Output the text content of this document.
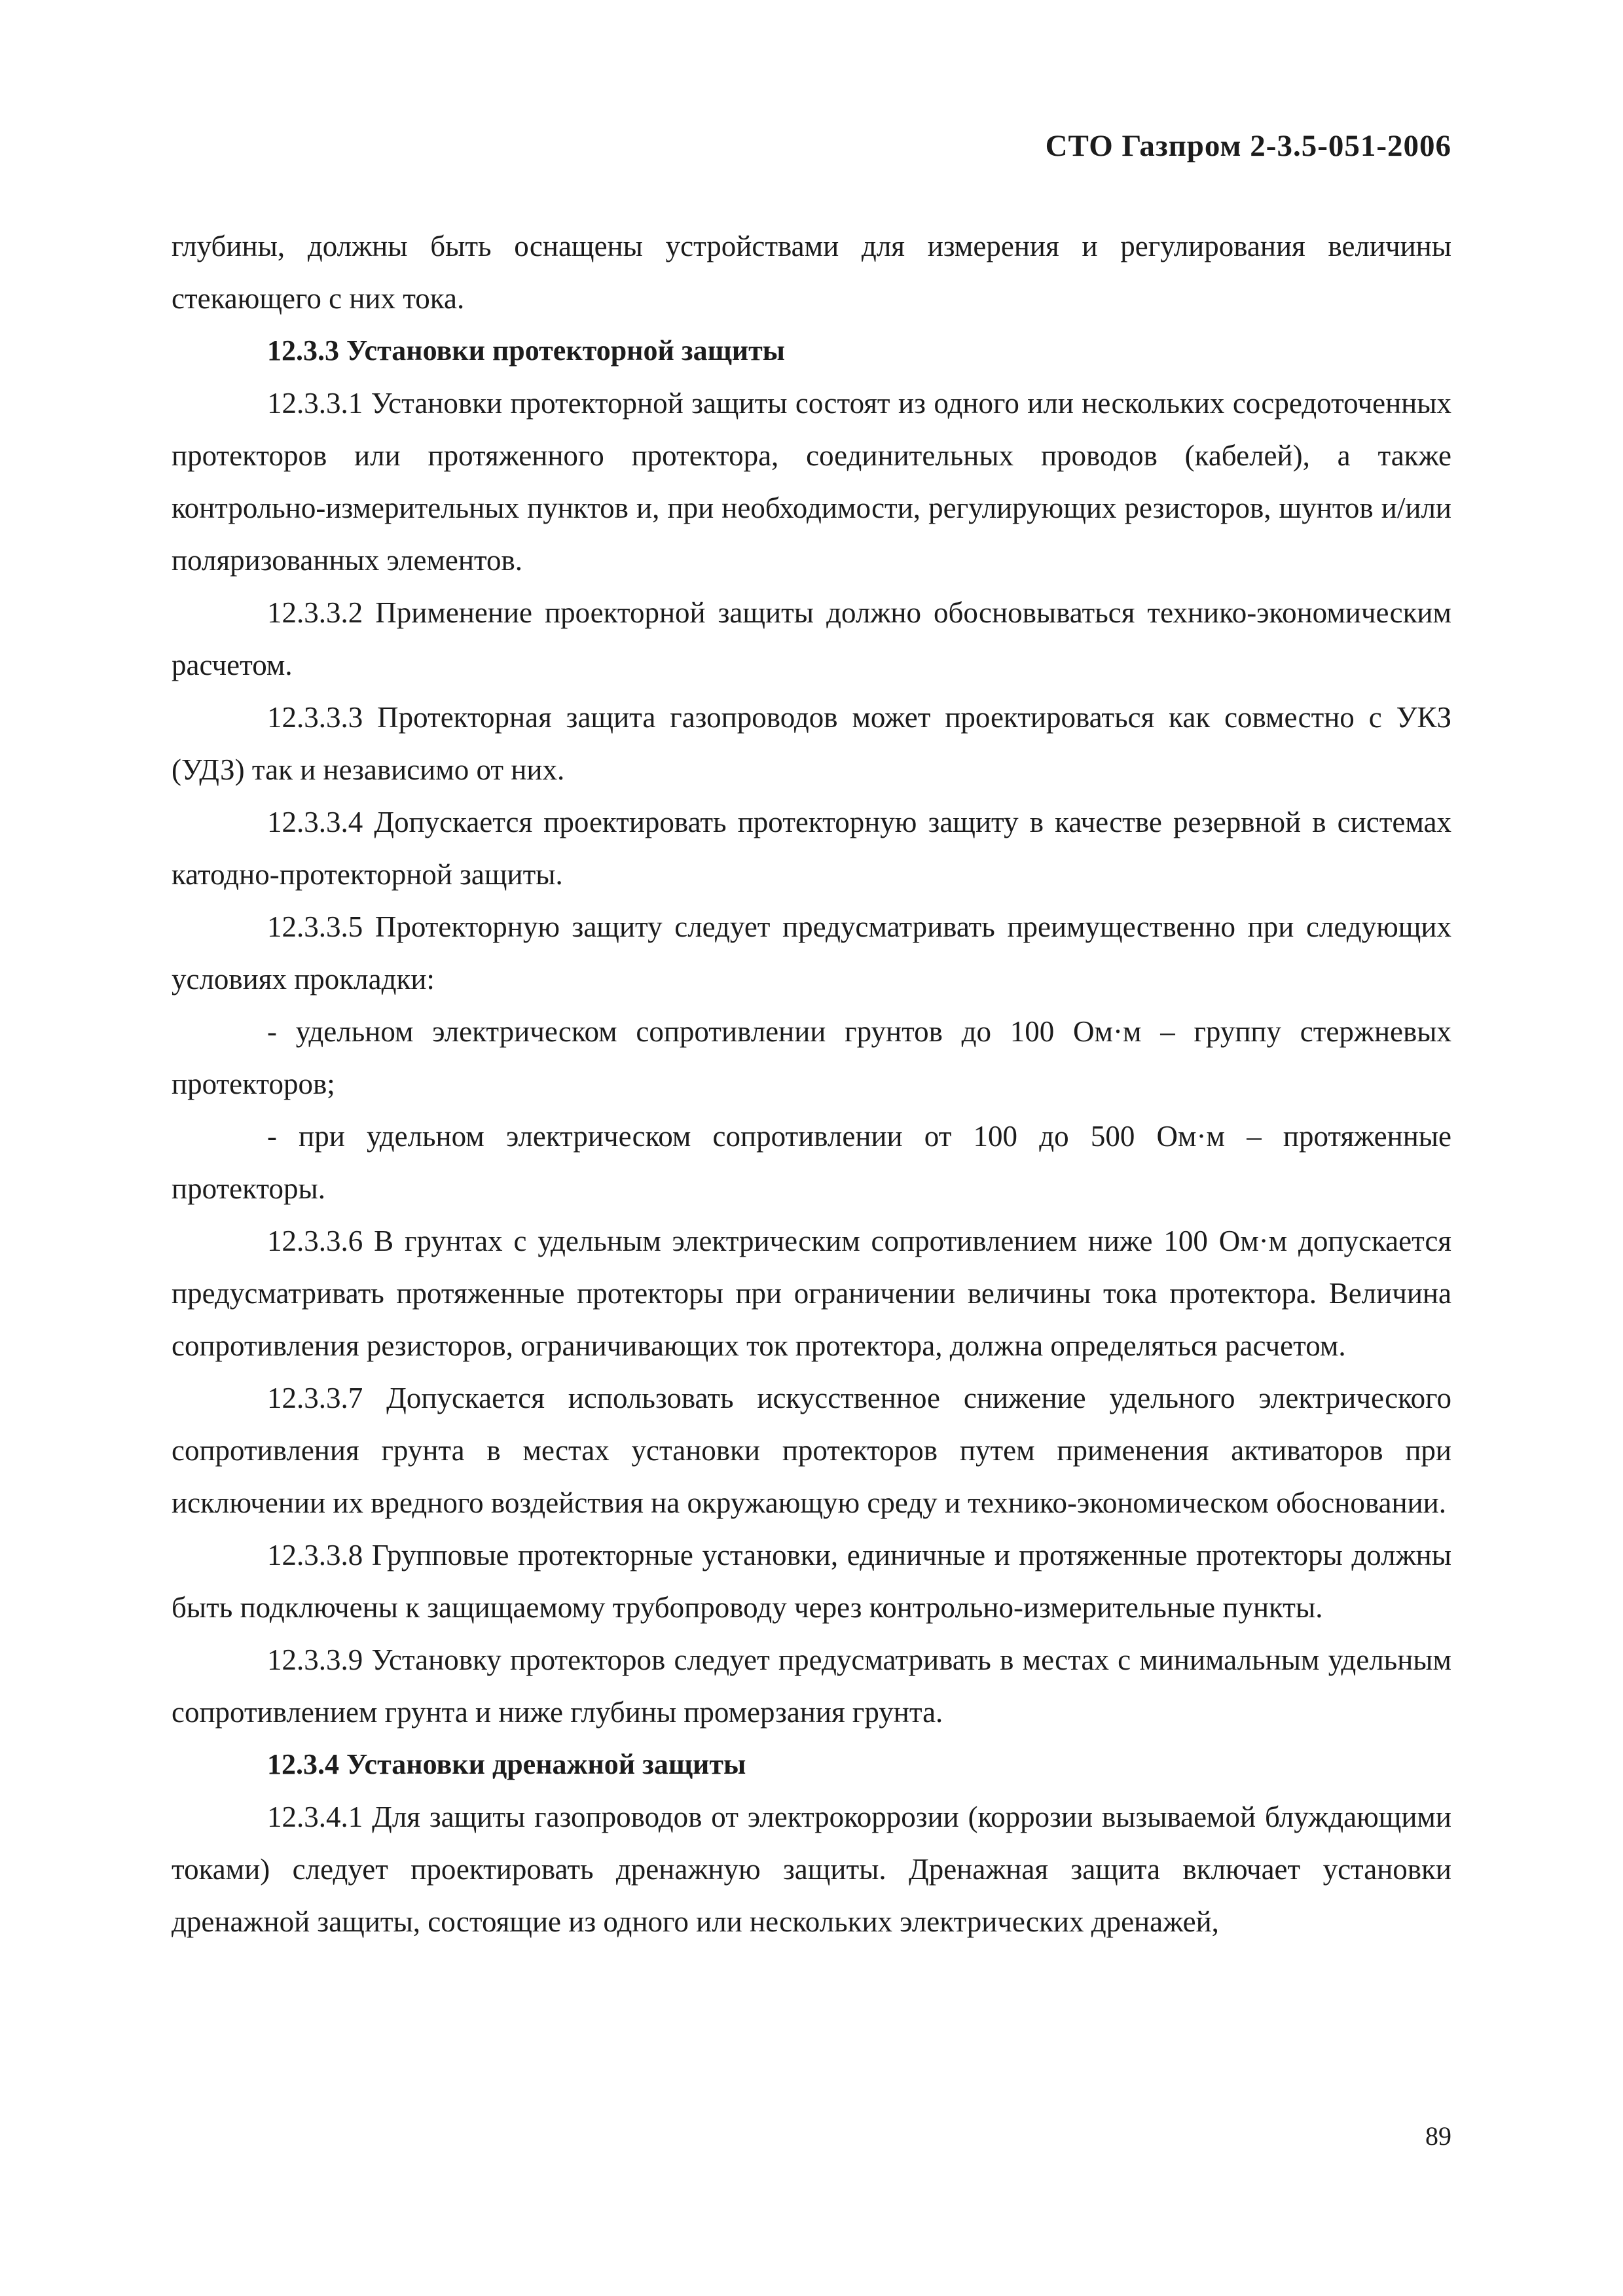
СТО Газпром 2-3.5-051-2006

глубины, должны быть оснащены устройствами для измерения и регулирования величины стекающего с них тока.

12.3.3 Установки протекторной защиты

12.3.3.1 Установки протекторной защиты состоят из одного или нескольких сосредоточенных протекторов или протяженного протектора, соединительных проводов (кабелей), а также контрольно-измерительных пунктов и, при необходимости, регулирующих резисторов, шунтов и/или поляризованных элементов.

12.3.3.2 Применение проекторной защиты должно обосновываться технико-экономическим расчетом.

12.3.3.3 Протекторная защита газопроводов может проектироваться как совместно с УКЗ (УДЗ) так и независимо от них.

12.3.3.4 Допускается проектировать протекторную защиту в качестве резервной в системах катодно-протекторной защиты.

12.3.3.5 Протекторную защиту следует предусматривать преимущественно при следующих условиях прокладки:

- удельном электрическом сопротивлении грунтов до 100 Ом·м – группу стержневых протекторов;

- при удельном электрическом сопротивлении от 100 до 500 Ом·м – протяженные протекторы.

12.3.3.6 В грунтах с удельным электрическим сопротивлением ниже 100 Ом·м допускается предусматривать протяженные протекторы при ограничении величины тока протектора. Величина сопротивления резисторов, ограничивающих ток протектора, должна определяться расчетом.

12.3.3.7 Допускается использовать искусственное снижение удельного электрического сопротивления грунта в местах установки протекторов путем применения активаторов при исключении их вредного воздействия на окружающую среду и технико-экономическом обосновании.

12.3.3.8 Групповые протекторные установки, единичные и протяженные протекторы должны быть подключены к защищаемому трубопроводу через контрольно-измерительные пункты.

12.3.3.9 Установку протекторов следует предусматривать в местах с минимальным удельным сопротивлением грунта и ниже глубины промерзания грунта.

12.3.4 Установки дренажной защиты

12.3.4.1 Для защиты газопроводов от электрокоррозии (коррозии вызываемой блуждающими токами) следует проектировать дренажную защиты. Дренажная защита включает установки дренажной защиты, состоящие из одного или нескольких электрических дренажей,

89
